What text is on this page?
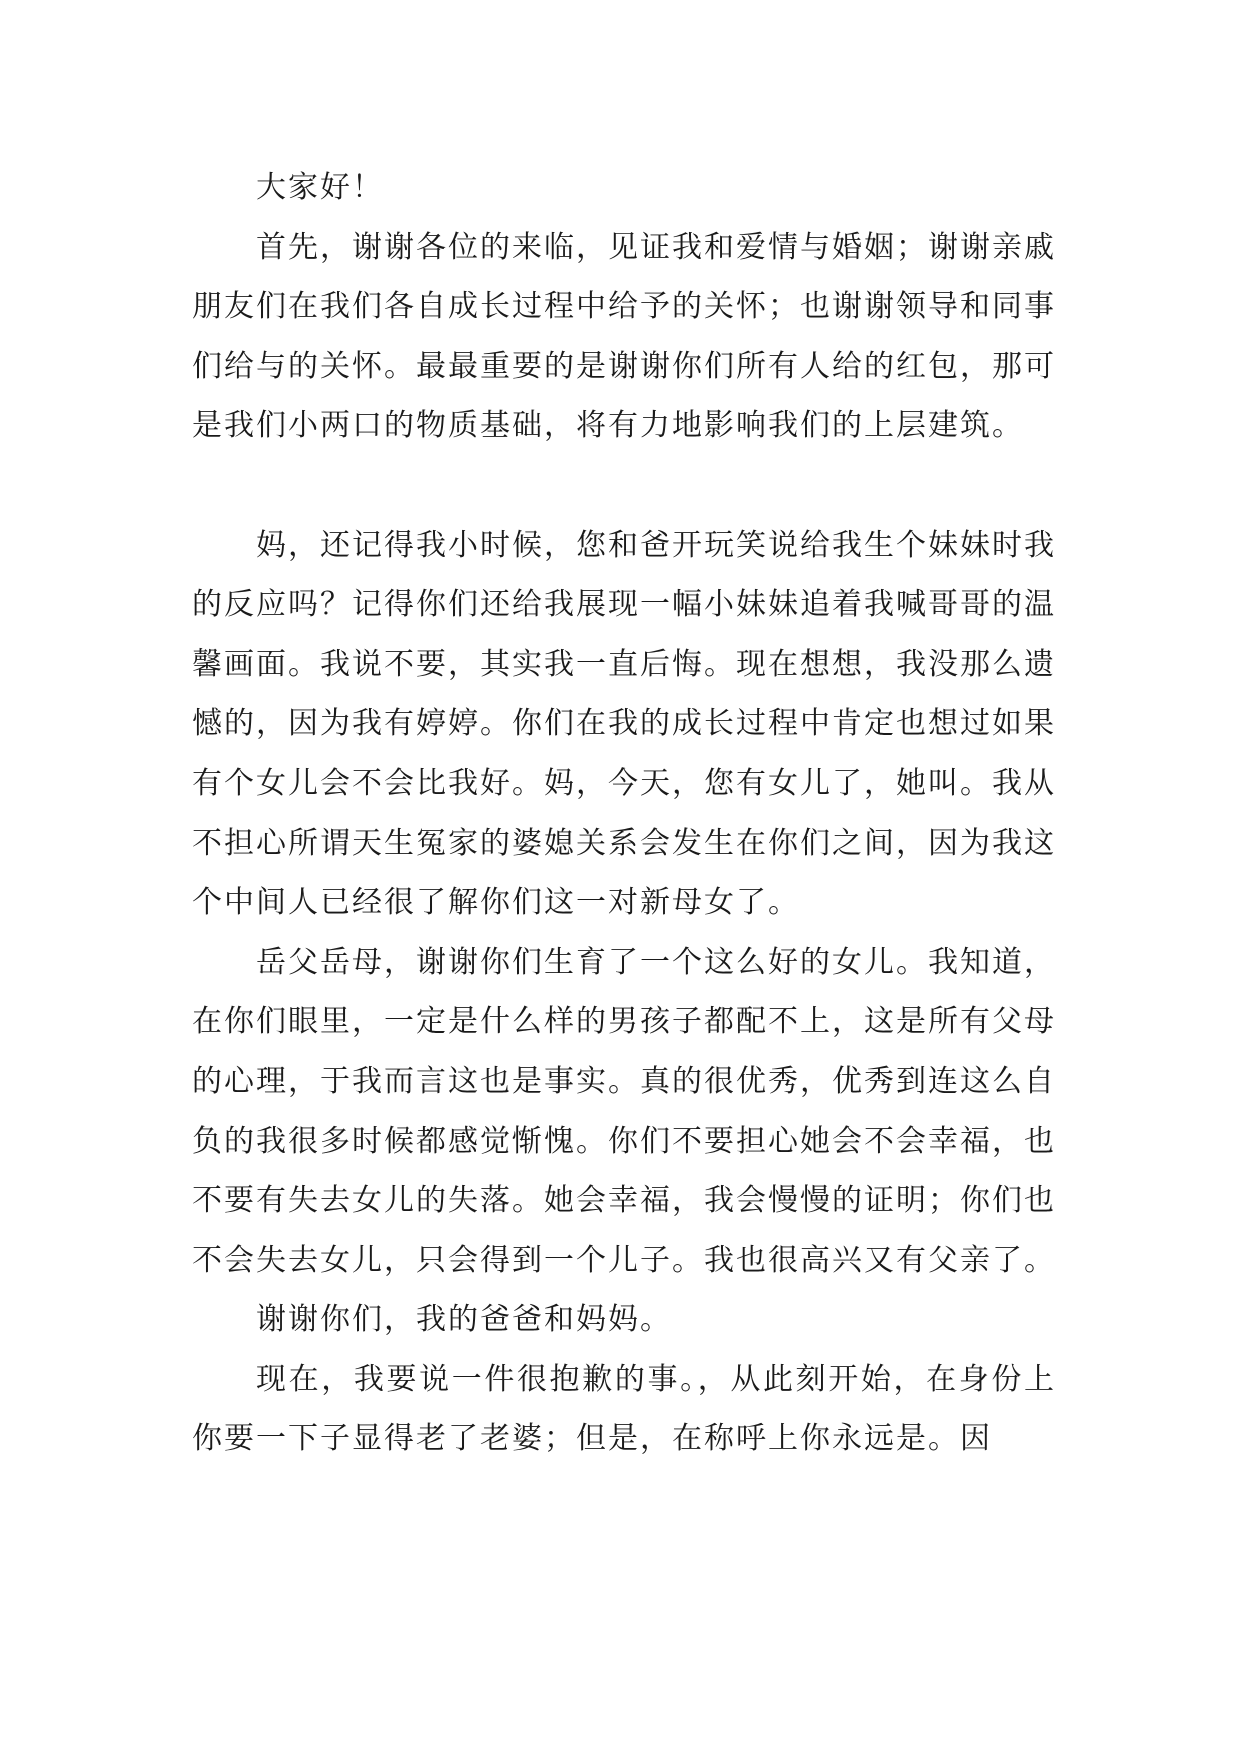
大家好！

首先，谢谢各位的来临，见证我和爱情与婚姻；谢谢亲戚朋友们在我们各自成长过程中给予的关怀；也谢谢领导和同事们给与的关怀。最最重要的是谢谢你们所有人给的红包，那可是我们小两口的物质基础，将有力地影响我们的上层建筑。

妈，还记得我小时候，您和爸开玩笑说给我生个妹妹时我的反应吗？记得你们还给我展现一幅小妹妹追着我喊哥哥的温馨画面。我说不要，其实我一直后悔。现在想想，我没那么遗憾的，因为我有婷婷。你们在我的成长过程中肯定也想过如果有个女儿会不会比我好。妈，今天，您有女儿了，她叫。我从不担心所谓天生冤家的婆媳关系会发生在你们之间，因为我这个中间人已经很了解你们这一对新母女了。

岳父岳母，谢谢你们生育了一个这么好的女儿。我知道，在你们眼里，一定是什么样的男孩子都配不上，这是所有父母的心理，于我而言这也是事实。真的很优秀，优秀到连这么自负的我很多时候都感觉惭愧。你们不要担心她会不会幸福，也不要有失去女儿的失落。她会幸福，我会慢慢的证明；你们也不会失去女儿，只会得到一个儿子。我也很高兴又有父亲了。

谢谢你们，我的爸爸和妈妈。

现在，我要说一件很抱歉的事。，从此刻开始，在身份上你要一下子显得老了老婆；但是，在称呼上你永远是。因
